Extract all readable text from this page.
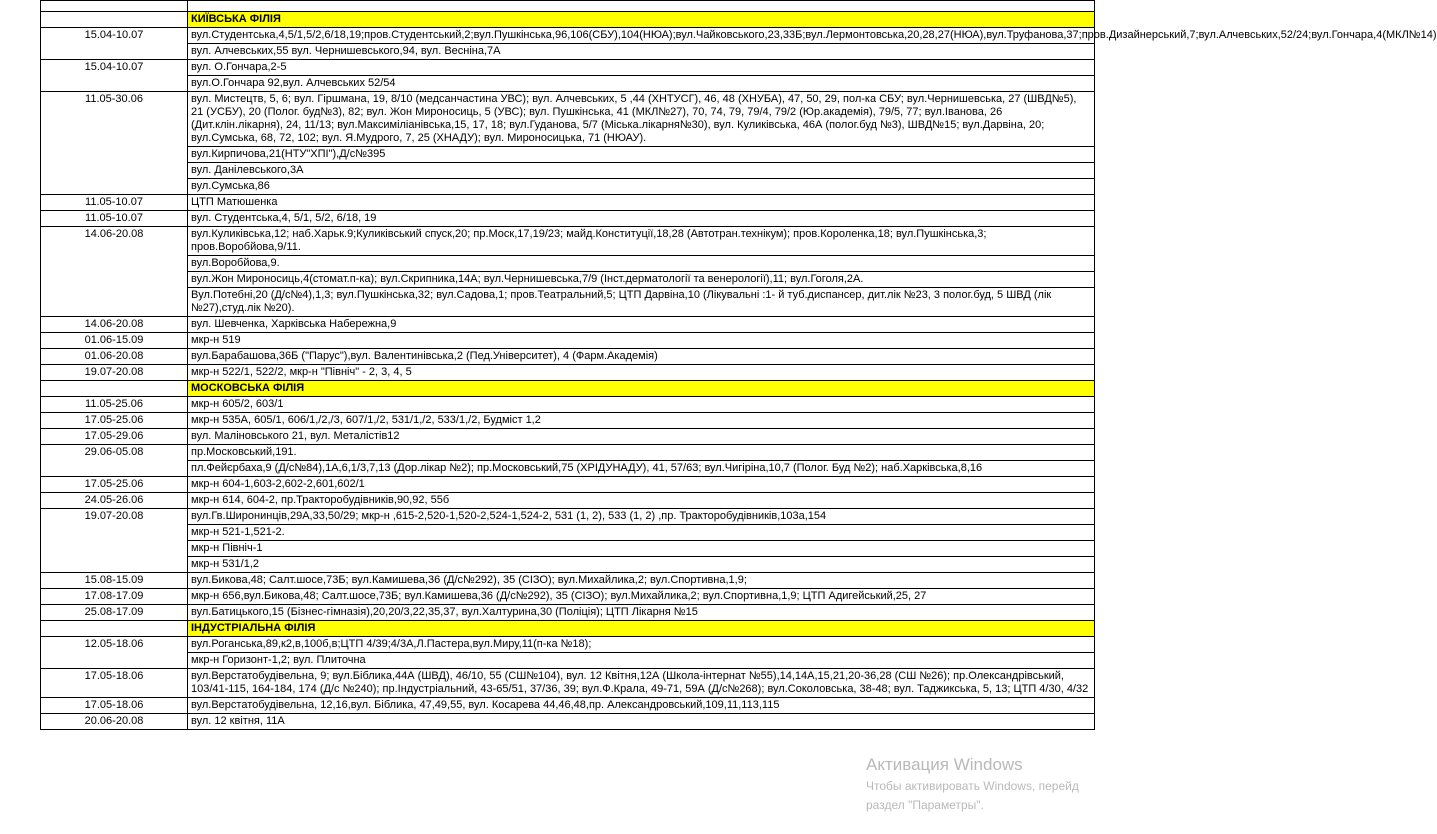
	КИЇВСЬКА ФІЛІЯ
15.04-10.07	вул.Студентська,4,5/1,5/2,6/18,19;пров.Студентський,2;вул.Пушкінська,96,106(СБУ),104(НЮА);вул.Чайковського,23,33Б;вул.Лермонтовська,20,28,27(НЮА),вул.Труфанова,37;пров.Дизайнерський,7;вул.Алчевських,52/24;вул.Гончара,4(МКЛ№14)
	вул. Алчевських,55 вул. Чернишевського,94, вул. Весніна,7А
15.04-10.07	вул. О.Гончара,2-5
	вул.О.Гончара 92,вул. Алчевських 52/54
11.05-30.06	вул. Мистецтв, 5, 6; вул. Гіршмана, 19, 8/10 (медсанчастина УВС); вул. Алчевських, 5 ,44 (ХНТУСГ), 46, 48 (ХНУБА), 47, 50, 29, пол-ка СБУ; вул.Чернишевська, 27 (ШВД№5), 21 (УСБУ), 20 (Полог. буд№3), 82; вул. Жон Мироносиць, 5 (УВС); вул. Пушкінська, 41 (МКЛ№27), 70, 74, 79, 79/4, 79/2 (Юр.академія), 79/5, 77; вул.Іванова, 26 (Дит.клін.лікарня), 24, 11/13; вул.Максиміліанівська,15, 17, 18; вул.Гуданова, 5/7 (Міська.лікарня№30), вул. Куликівська, 46А (полог.буд №3), ШВД№15; вул.Дарвіна, 20; вул.Сумська, 68, 72, 102; вул. Я.Мудрого, 7, 25 (ХНАДУ); вул. Мироносицька, 71 (НЮАУ).
	вул.Кирпичова,21(НТУ"ХПІ"),Д/с№395
	вул. Данілевського,3А
	вул.Сумська,86
11.05-10.07	ЦТП Матюшенка
11.05-10.07	вул. Студентська,4, 5/1, 5/2, 6/18, 19
14.06-20.08	вул.Куликівська,12; наб.Харьк.9;Куликівський спуск,20; пр.Моск,17,19/23; майд.Конституції,18,28 (Автотран.технікум); пров.Короленка,18; вул.Пушкінська,3; пров.Воробйова,9/11.
	вул.Воробйова,9.
	вул.Жон Мироносиць,4(стомат.п-ка); вул.Скрипника,14А; вул.Чернишевська,7/9 (Інст.дерматології та венерології),11; вул.Гоголя,2А.
	Вул.Потебні,20 (Д/с№4),1,3; вул.Пушкінська,32; вул.Садова,1; пров.Театральний,5; ЦТП Дарвіна,10 (Лікувальні :1- й туб.диспансер, дит.лік №23, 3 полог.буд, 5 ШВД (лік №27),студ.лік №20).
14.06-20.08	вул. Шевченка, Харківська Набережна,9
01.06-15.09	мкр-н 519
01.06-20.08	вул.Барабашова,36Б ("Парус"),вул. Валентинівська,2 (Пед.Університет), 4 (Фарм.Академія)
19.07-20.08	мкр-н 522/1, 522/2, мкр-н "Північ" - 2, 3, 4, 5
	МОСКОВСЬКА ФІЛІЯ
11.05-25.06	мкр-н 605/2, 603/1
17.05-25.06	мкр-н 535А, 605/1, 606/1,/2,/3, 607/1,/2, 531/1,/2, 533/1,/2, Будміст 1,2
17.05-29.06	вул. Маліновського 21, вул. Металістів12
29.06-05.08	пр.Московський,191.
	пл.Фейєрбаха,9 (Д/с№84),1А,6,1/3,7,13 (Дор.лікар №2); пр.Московський,75 (ХРІДУНАДУ), 41, 57/63; вул.Чигіріна,10,7 (Полог. Буд №2); наб.Харківська,8,16
17.05-25.06	мкр-н 604-1,603-2,602-2,601,602/1
24.05-26.06	мкр-н 614, 604-2, пр.Тракторобудівників,90,92, 55б
19.07-20.08	вул.Гв.Широнинців,29А,33,50/29; мкр-н ,615-2,520-1,520-2,524-1,524-2, 531 (1, 2), 533 (1, 2) ,пр. Тракторобудівників,103а,154
	мкр-н 521-1,521-2.
	мкр-н Північ-1
	мкр-н 531/1,2
15.08-15.09	вул.Бикова,48; Салт.шосе,73Б; вул.Камишева,36 (Д/с№292), 35 (СІЗО); вул.Михайлика,2; вул.Спортивна,1,9;
17.08-17.09	мкр-н 656,вул.Бикова,48; Салт.шосе,73Б; вул.Камишева,36 (Д/с№292), 35 (СІЗО); вул.Михайлика,2; вул.Спортивна,1,9; ЦТП Адигейський,25, 27
25.08-17.09	вул.Батицького,15 (Бізнес-гімназія),20,20/3,22,35,37, вул.Халтурина,30 (Поліція); ЦТП Лікарня №15
	ІНДУСТРІАЛЬНА ФІЛІЯ
12.05-18.06	вул.Роганська,89,к2,в,100б,в;ЦТП 4/39;4/3А,Л.Пастера,вул.Миру,11(п-ка №18);
	мкр-н Горизонт-1,2; вул. Плиточна
17.05-18.06	вул.Верстатобудівельна, 9; вул.Біблика,44А (ШВД), 46/10, 55 (СШ№104), вул. 12 Квітня,12А (Школа-інтернат №55),14,14А,15,21,20-36,28 (СШ №26); пр.Олександрівський, 103/41-115, 164-184, 174 (Д/с №240); пр.Індустріальний, 43-65/51, 37/36, 39; вул.Ф.Крала, 49-71, 59А (Д/с№268); вул.Соколовська, 38-48; вул. Таджикська, 5, 13; ЦТП 4/30, 4/32
17.05-18.06	вул.Верстатобудівельна, 12,16,вул. Біблика, 47,49,55, вул. Косарева 44,46,48,пр. Александровський,109,11,113,115
20.06-20.08	вул. 12 квітня, 11А
Активация Windows
Чтобы активировать Windows, перейд
раздел "Параметры".
